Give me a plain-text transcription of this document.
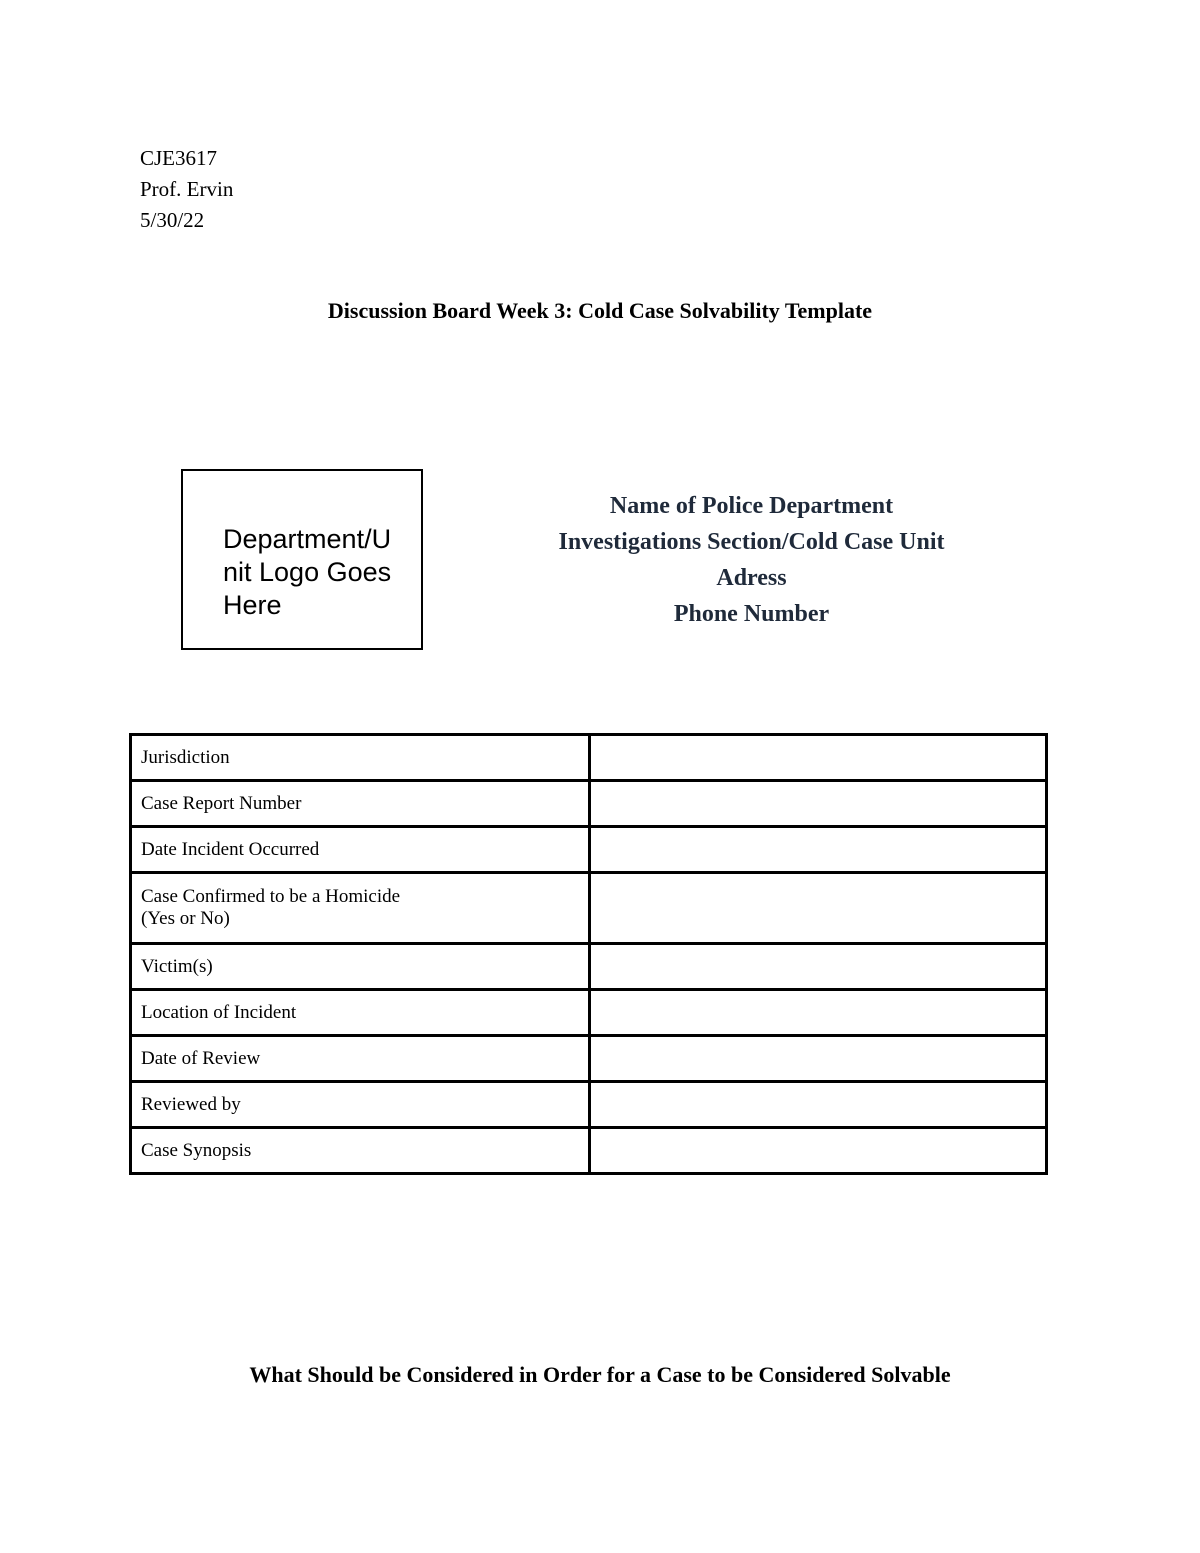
CJE3617
Prof. Ervin
5/30/22
Discussion Board Week 3: Cold Case Solvability Template
Department/Unit Logo Goes Here
Name of Police Department
Investigations Section/Cold Case Unit
Adress
Phone Number
Jurisdiction	
Case Report Number	
Date Incident Occurred	
Case Confirmed to be a Homicide
(Yes or No)	

Victim(s)	
Location of Incident	
Date of Review	
Reviewed by	
Case Synopsis	
What Should be Considered in Order for a Case to be Considered Solvable
